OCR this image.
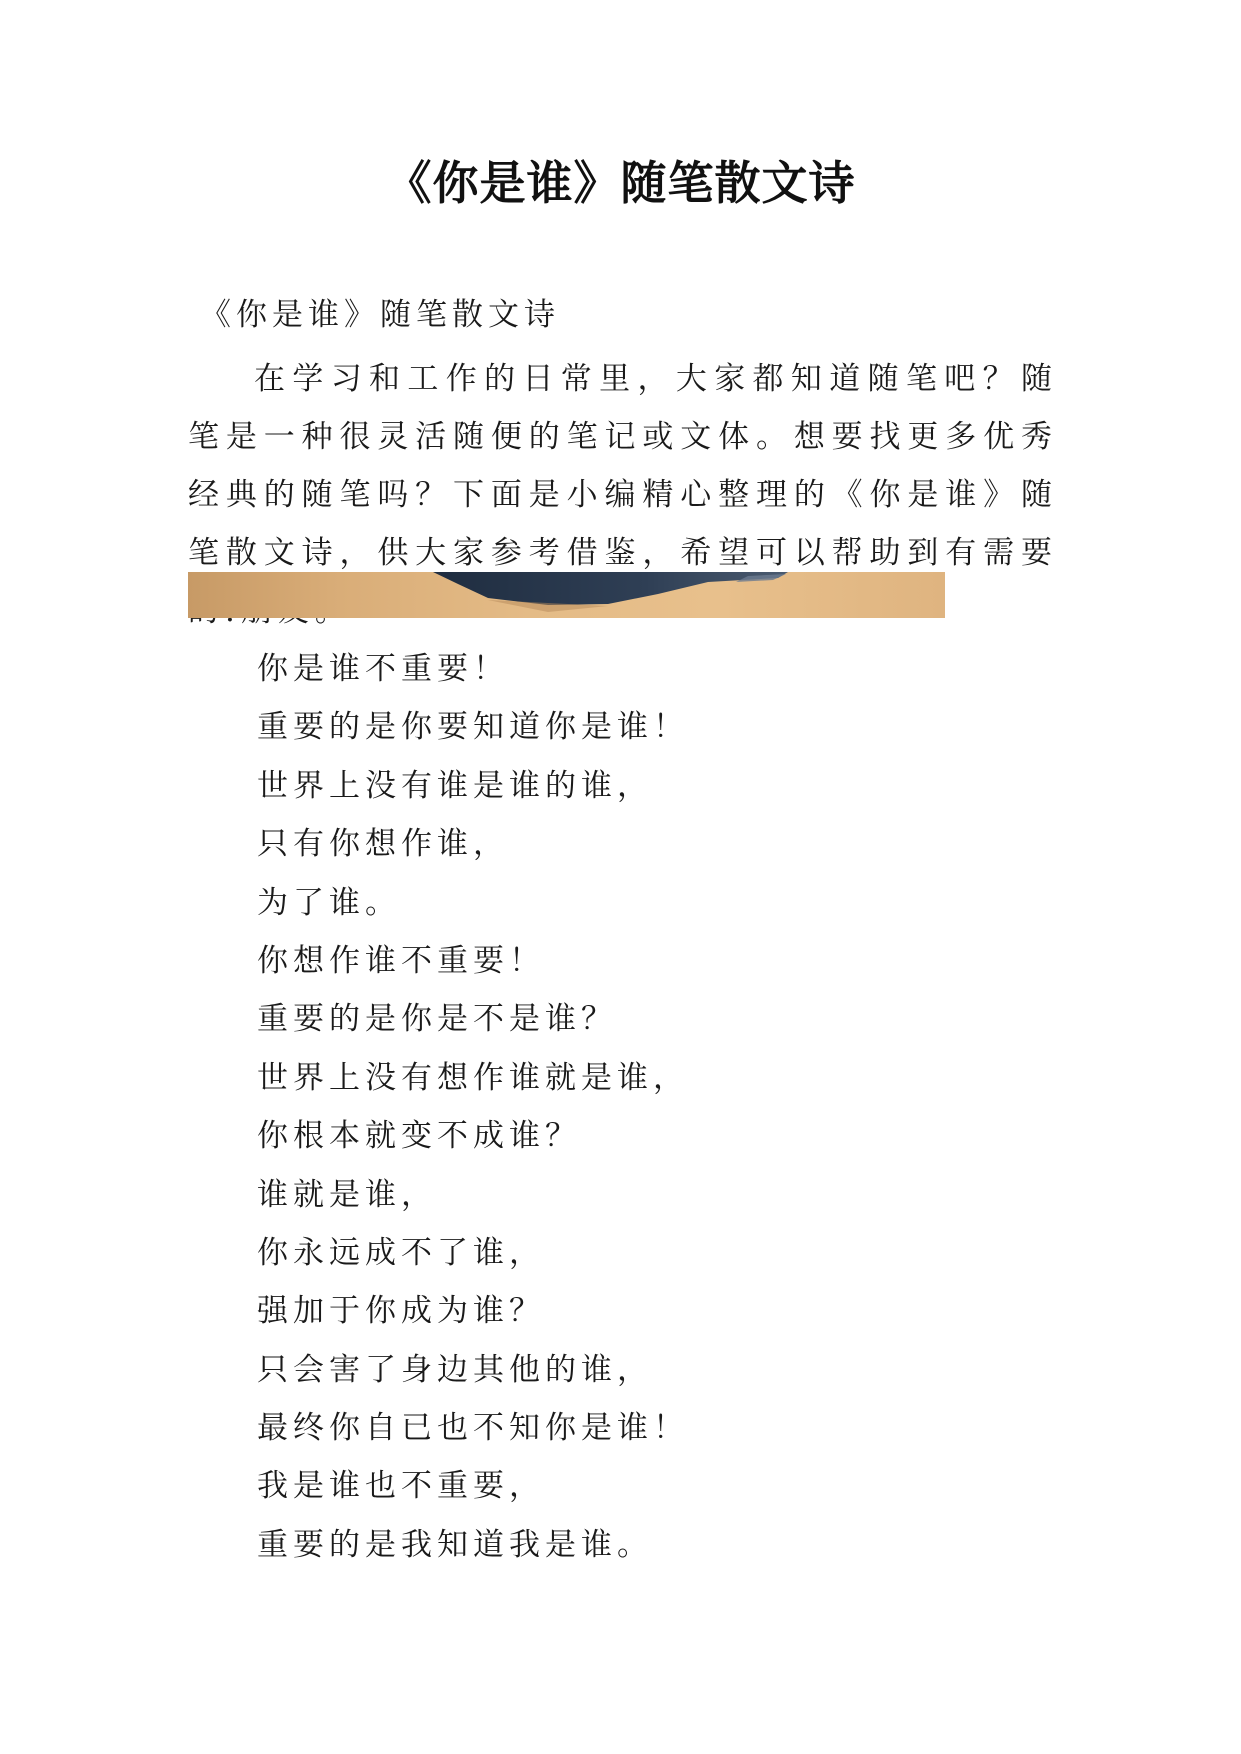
《你是谁》随笔散文诗
《你是谁》随笔散文诗

在学习和工作的日常里，大家都知道随笔吧？随笔是一种很灵活随便的笔记或文体。想要找更多优秀经典的随笔吗？下面是小编精心整理的《你是谁》随笔散文诗，供大家参考借鉴，希望可以帮助到有需要

你是谁不重要！
重要的是你要知道你是谁！
世界上没有谁是谁的谁，
只有你想作谁，
为了谁。
你想作谁不重要！
重要的是你是不是谁？
世界上没有想作谁就是谁，
你根本就变不成谁？
谁就是谁，
你永远成不了谁，
强加于你成为谁？
只会害了身边其他的谁，
最终你自已也不知你是谁！
我是谁也不重要，
重要的是我知道我是谁。
